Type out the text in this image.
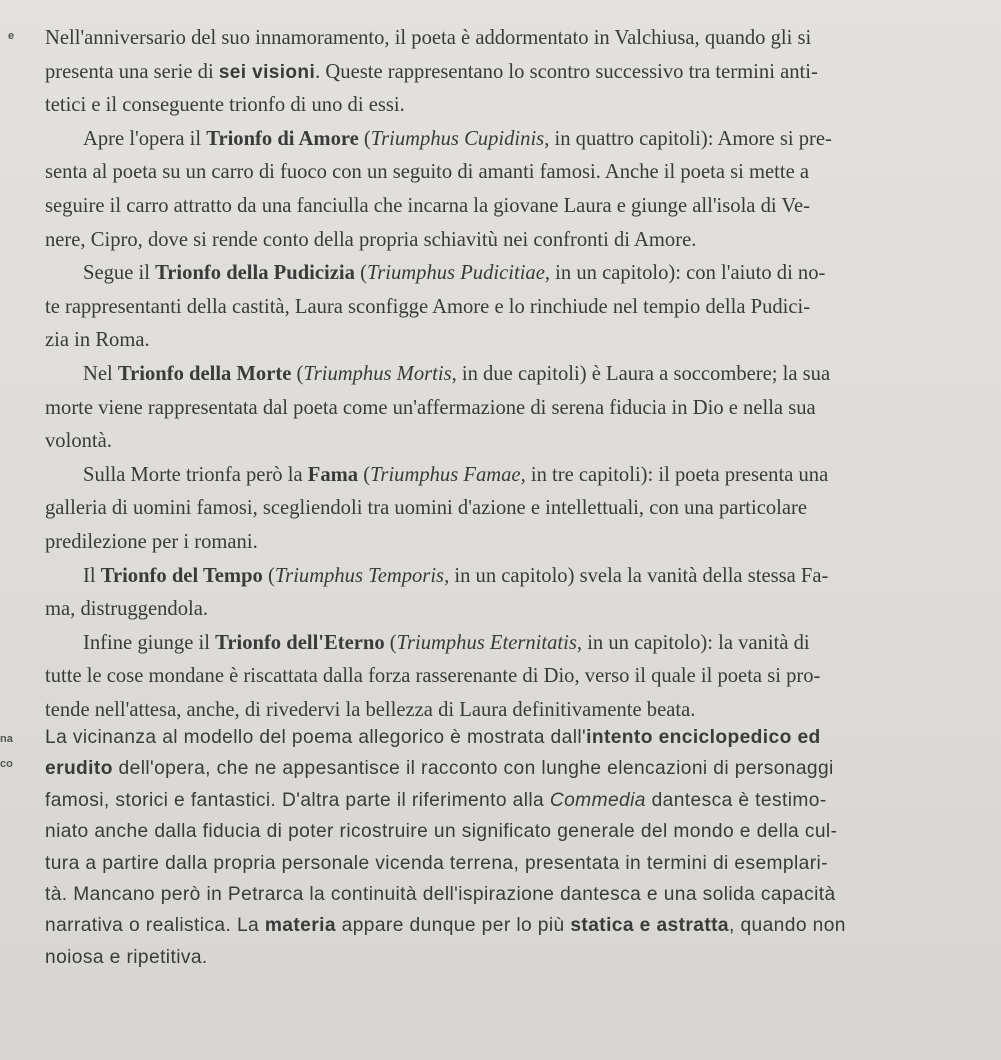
e
na
co
Nell'anniversario del suo innamoramento, il poeta è addormentato in Valchiusa, quando gli si
presenta una serie di sei visioni. Queste rappresentano lo scontro successivo tra termini anti-
tetici e il conseguente trionfo di uno di essi.
Apre l'opera il Trionfo di Amore (Triumphus Cupidinis, in quattro capitoli): Amore si pre-
senta al poeta su un carro di fuoco con un seguito di amanti famosi. Anche il poeta si mette a
seguire il carro attratto da una fanciulla che incarna la giovane Laura e giunge all'isola di Ve-
nere, Cipro, dove si rende conto della propria schiavitù nei confronti di Amore.
Segue il Trionfo della Pudicizia (Triumphus Pudicitiae, in un capitolo): con l'aiuto di no-
te rappresentanti della castità, Laura sconfigge Amore e lo rinchiude nel tempio della Pudici-
zia in Roma.
Nel Trionfo della Morte (Triumphus Mortis, in due capitoli) è Laura a soccombere; la sua
morte viene rappresentata dal poeta come un'affermazione di serena fiducia in Dio e nella sua
volontà.
Sulla Morte trionfa però la Fama (Triumphus Famae, in tre capitoli): il poeta presenta una
galleria di uomini famosi, scegliendoli tra uomini d'azione e intellettuali, con una particolare
predilezione per i romani.
Il Trionfo del Tempo (Triumphus Temporis, in un capitolo) svela la vanità della stessa Fa-
ma, distruggendola.
Infine giunge il Trionfo dell'Eterno (Triumphus Eternitatis, in un capitolo): la vanità di
tutte le cose mondane è riscattata dalla forza rasserenante di Dio, verso il quale il poeta si pro-
tende nell'attesa, anche, di rivedervi la bellezza di Laura definitivamente beata.
La vicinanza al modello del poema allegorico è mostrata dall'intento enciclopedico ed
erudito dell'opera, che ne appesantisce il racconto con lunghe elencazioni di personaggi
famosi, storici e fantastici. D'altra parte il riferimento alla Commedia dantesca è testimo-
niato anche dalla fiducia di poter ricostruire un significato generale del mondo e della cul-
tura a partire dalla propria personale vicenda terrena, presentata in termini di esemplari-
tà. Mancano però in Petrarca la continuità dell'ispirazione dantesca e una solida capacità
narrativa o realistica. La materia appare dunque per lo più statica e astratta, quando non
noiosa e ripetitiva.
